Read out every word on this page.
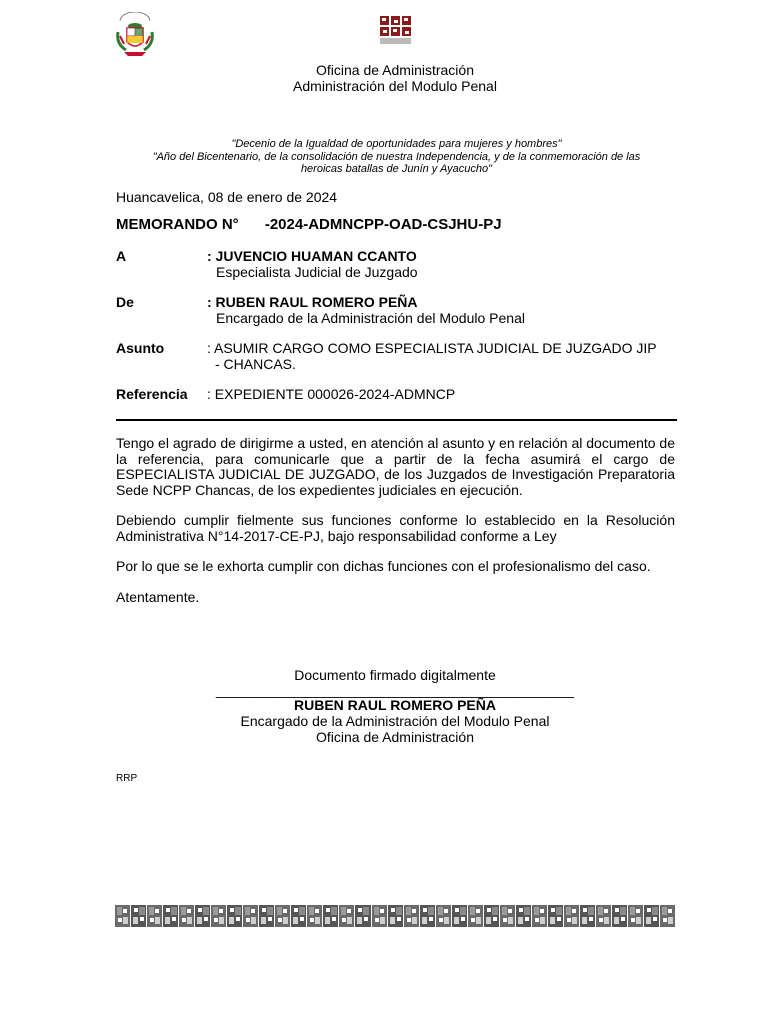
Oficina de Administración
Administración del Modulo Penal
"Decenio de la Igualdad de oportunidades para mujeres y hombres"
"Año del Bicentenario, de la consolidación de nuestra Independencia, y de la conmemoración de las
heroicas batallas de Junín y Ayacucho"
Huancavelica, 08 de enero de 2024
MEMORANDO N° -2024-ADMNCPP-OAD-CSJHU-PJ
A	: JUVENCIO HUAMAN CCANTO
Especialista Judicial de Juzgado
De	: RUBEN RAUL ROMERO PEÑA
Encargado de la Administración del Modulo Penal
Asunto	: ASUMIR CARGO COMO ESPECIALISTA JUDICIAL DE JUZGADO JIP
- CHANCAS.
Referencia : EXPEDIENTE 000026-2024-ADMNCP
Tengo el agrado de dirigirme a usted, en atención al asunto y en relación al documento de la referencia, para comunicarle que a partir de la fecha asumirá el cargo de ESPECIALISTA JUDICIAL DE JUZGADO, de los Juzgados de Investigación Preparatoria Sede NCPP Chancas, de los expedientes judiciales en ejecución.
Debiendo cumplir fielmente sus funciones conforme lo establecido en la Resolución Administrativa N°14-2017-CE-PJ, bajo responsabilidad conforme a Ley
Por lo que se le exhorta cumplir con dichas funciones con el profesionalismo del caso.
Atentamente.
Documento firmado digitalmente
______________________________________________
RUBEN RAUL ROMERO PEÑA
Encargado de la Administración del Modulo Penal
Oficina de Administración
RRP
